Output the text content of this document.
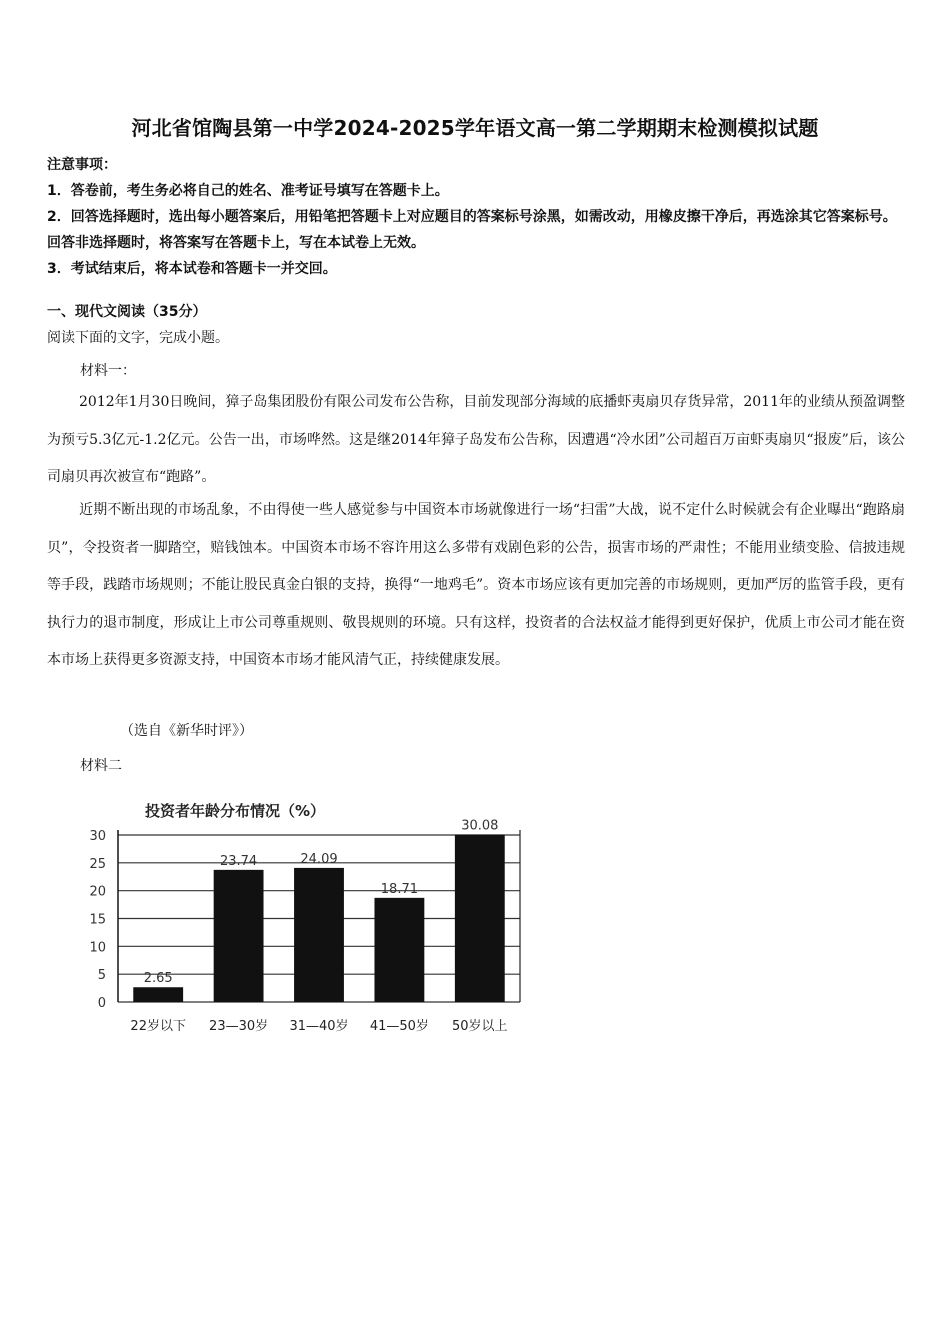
河北省馆陶县第一中学2024-2025学年语文高一第二学期期末检测模拟试题
注意事项：
1．答卷前，考生务必将自己的姓名、准考证号填写在答题卡上。
2．回答选择题时，选出每小题答案后，用铅笔把答题卡上对应题目的答案标号涂黑，如需改动，用橡皮擦干净后，再选涂其它答案标号。回答非选择题时，将答案写在答题卡上，写在本试卷上无效。
3．考试结束后，将本试卷和答题卡一并交回。
一、现代文阅读（35分）
阅读下面的文字，完成小题。
材料一：
2012年1月30日晚间，獐子岛集团股份有限公司发布公告称，目前发现部分海域的底播虾夷扇贝存货异常，2011年的业绩从预盈调整为预亏5.3亿元-1.2亿元。公告一出，市场哗然。这是继2014年獐子岛发布公告称，因遭遇“冷水团”公司超百万亩虾夷扇贝“报废”后，该公司扇贝再次被宣布“跑路”。
近期不断出现的市场乱象，不由得使一些人感觉参与中国资本市场就像进行一场“扫雷”大战，说不定什么时候就会有企业曝出“跑路扇贝”，令投资者一脚踏空，赔钱蚀本。中国资本市场不容许用这么多带有戏剧色彩的公告，损害市场的严肃性；不能用业绩变脸、信披违规等手段，践踏市场规则；不能让股民真金白银的支持，换得“一地鸡毛”。资本市场应该有更加完善的市场规则，更加严厉的监管手段，更有执行力的退市制度，形成让上市公司尊重规则、敬畏规则的环境。只有这样，投资者的合法权益才能得到更好保护，优质上市公司才能在资本市场上获得更多资源支持，中国资本市场才能风清气正，持续健康发展。
（选自《新华时评》）
材料二
投资者年龄分布情况（%）
0
5
10
15
20
25
30
2.65
22岁以下
23.74
23—30岁
24.09
31—40岁
18.71
41—50岁
30.08
50岁以上
